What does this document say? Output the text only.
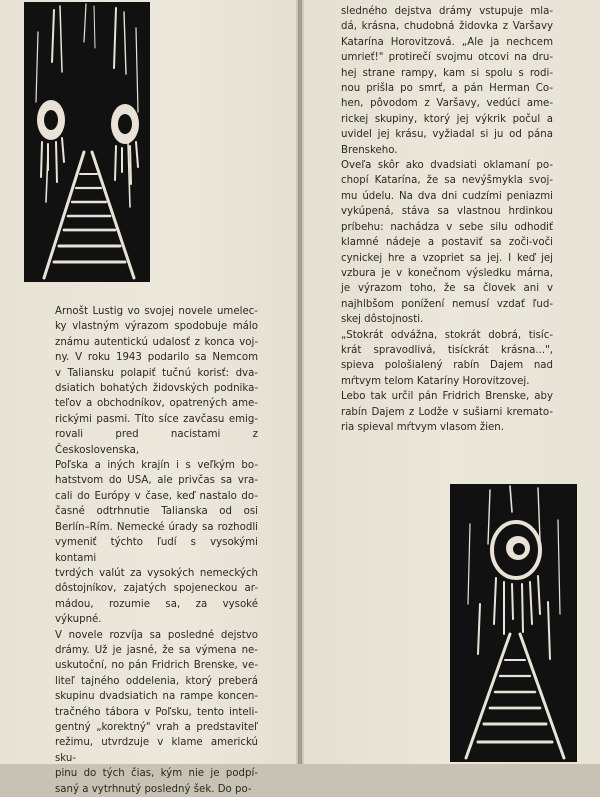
Arnošt Lustig vo svojej novele umelec-
ky vlastným výrazom spodobuje málo
známu autentickú udalosť z konca voj-
ny. V roku 1943 podarilo sa Nemcom
v Taliansku polapiť tučnú korisť: dva-
dsiatich bohatých židovských podnika-
teľov a obchodníkov, opatrených ame-
rickými pasmi. Títo síce zavčasu emig-
rovali pred nacistami z Československa,
Poľska a iných krajín i s veľkým bo-
hatstvom do USA, ale privčas sa vra-
cali do Európy v čase, keď nastalo do-
časné odtrhnutie Talianska od osi
Berlín–Rím. Nemecké úrady sa rozhodli
vymeniť týchto ľudí s vysokými kontami
tvrdých valút za vysokých nemeckých
dôstojníkov, zajatých spojeneckou ar-
mádou, rozumie sa, za vysoké výkupné.
V novele rozvíja sa posledné dejstvo
drámy. Už je jasné, že sa výmena ne-
uskutoční, no pán Fridrich Brenske, ve-
liteľ tajného oddelenia, ktorý preberá
skupinu dvadsiatich na rampe koncen-
tračného tábora v Poľsku, tento inteli-
gentný „korektný" vrah a predstaviteľ
režimu, utvrdzuje v klame americkú sku-
pinu do tých čias, kým nie je podpí-
saný a vytrhnutý posledný šek. Do po-
sledného dejstva drámy vstupuje mla-
dá, krásna, chudobná židovka z Varšavy
Katarína Horovitzová. „Ale ja nechcem
umrieť!" protirečí svojmu otcovi na dru-
hej strane rampy, kam si spolu s rodi-
nou prišla po smrť, a pán Herman Co-
hen, pôvodom z Varšavy, vedúci ame-
rickej skupiny, ktorý jej výkrik počul a
uvidel jej krásu, vyžiadal si ju od pána
Brenskeho.
Oveľa skôr ako dvadsiati oklamaní po-
chopí Katarína, že sa nevýšmykla svoj-
mu údelu. Na dva dni cudzími peniazmi
vykúpená, stáva sa vlastnou hrdinkou
príbehu: nachádza v sebe silu odhodiť
klamné nádeje a postaviť sa zoči-voči
cynickej hre a vzopriet sa jej. I keď jej
vzbura je v konečnom výsledku márna,
je výrazom toho, že sa človek ani v
najhlbšom ponížení nemusí vzdať ľud-
skej dôstojnosti.
„Stokrát odvážna, stokrát dobrá, tisíc-
krát spravodlivá, tisíckrát krásna...",
spieva pološialený rabín Dajem nad
mŕtvym telom Kataríny Horovitzovej.
Lebo tak určil pán Fridrich Brenske, aby
rabín Dajem z Lodže v sušiarni kremato-
ria spieval mŕtvym vlasom žien.
